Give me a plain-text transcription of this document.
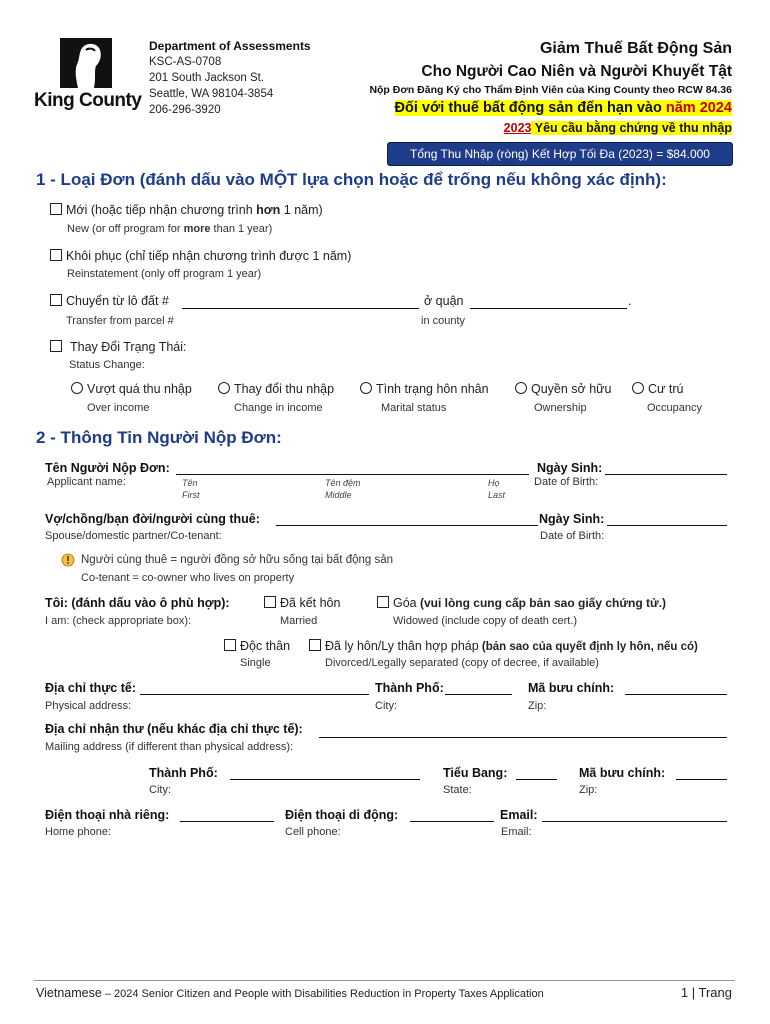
King County
Department of Assessments
KSC-AS-0708
201 South Jackson St.
Seattle, WA 98104-3854
206-296-3920
Giảm Thuế Bất Động Sản
Cho Người Cao Niên và Người Khuyết Tật
Nộp Đơn Đăng Ký cho Thẩm Định Viên của King County theo RCW 84.36
Đối với thuế bất động sản đến hạn vào năm 2024
2023 Yêu cầu bằng chứng về thu nhập
Tổng Thu Nhập (ròng) Kết Hợp Tối Đa (2023) = $84.000
1 - Loại Đơn (đánh dấu vào MỘT lựa chọn hoặc để trống nếu không xác định):
Mới (hoặc tiếp nhận chương trình hơn 1 năm)
New (or off program for more than 1 year)
Khôi phục (chỉ tiếp nhận chương trình được 1 năm)
Reinstatement (only off program 1 year)
Chuyển từ lô đất #	ở quận	.
Transfer from parcel #	in county
Thay Đổi Trạng Thái:
Status Change:
Vượt quá thu nhập
Over income
Thay đổi thu nhập
Change in income
Tình trạng hôn nhân
Marital status
Quyền sở hữu
Ownership
Cư trú
Occupancy
2 - Thông Tin Người Nộp Đơn:
Tên Người Nộp Đơn:	Ngày Sinh:
Applicant name:	Tên
First
Tên đệm
Middle
Họ
Last
Date of Birth:
Vợ/chồng/bạn đời/người cùng thuê:	Ngày Sinh:
Spouse/domestic partner/Co-tenant:	Date of Birth:
Người cùng thuê = người đồng sở hữu sống tại bất động sản
Co-tenant = co-owner who lives on property
Tôi: (đánh dấu vào ô phù hợp):
I am: (check appropriate box):
Đã kết hôn
Married
Góa (vui lòng cung cấp bản sao giấy chứng tử.)
Widowed (include copy of death cert.)
Độc thân
Single
Đã ly hôn/Ly thân hợp pháp (bản sao của quyết định ly hôn, nếu có)
Divorced/Legally separated (copy of decree, if available)
Địa chỉ thực tế:	Thành Phố:	Mã bưu chính:
Physical address:	City:	Zip:
Địa chỉ nhận thư (nếu khác địa chỉ thực tế):
Mailing address (if different than physical address):
Thành Phố:	Tiểu Bang:	Mã bưu chính:
City:	State:	Zip:
Điện thoại nhà riêng:	Điện thoại di động:	Email:
Home phone:	Cell phone:	Email:
Vietnamese – 2024 Senior Citizen and People with Disabilities Reduction in Property Taxes Application	1 | Trang
